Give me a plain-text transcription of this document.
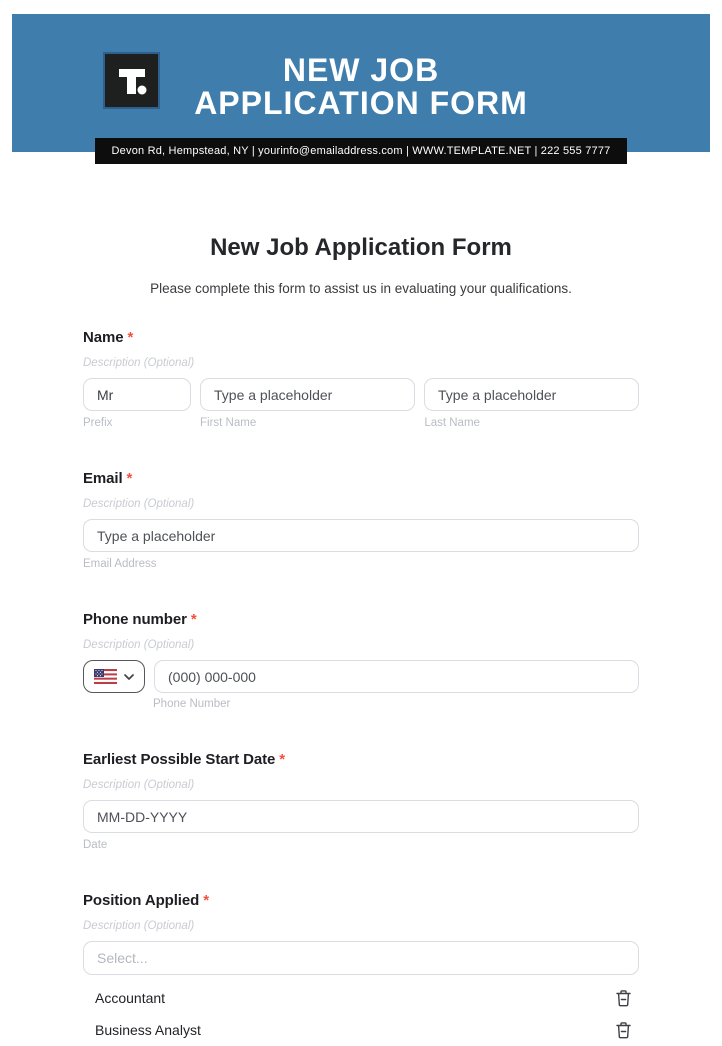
NEW JOB
APPLICATION FORM
Devon Rd, Hempstead, NY | yourinfo@emailaddress.com | WWW.TEMPLATE.NET | 222 555 7777
New Job Application Form
Please complete this form to assist us in evaluating your qualifications.
Name *
Description (Optional)
Mr
Type a placeholder
Type a placeholder
Prefix	First Name	Last Name
Email *
Description (Optional)
Type a placeholder
Email Address
Phone number *
Description (Optional)
(000) 000-000
Phone Number
Earliest Possible Start Date *
Description (Optional)
MM-DD-YYYY
Date
Position Applied *
Description (Optional)
Select...
Accountant
Business Analyst
